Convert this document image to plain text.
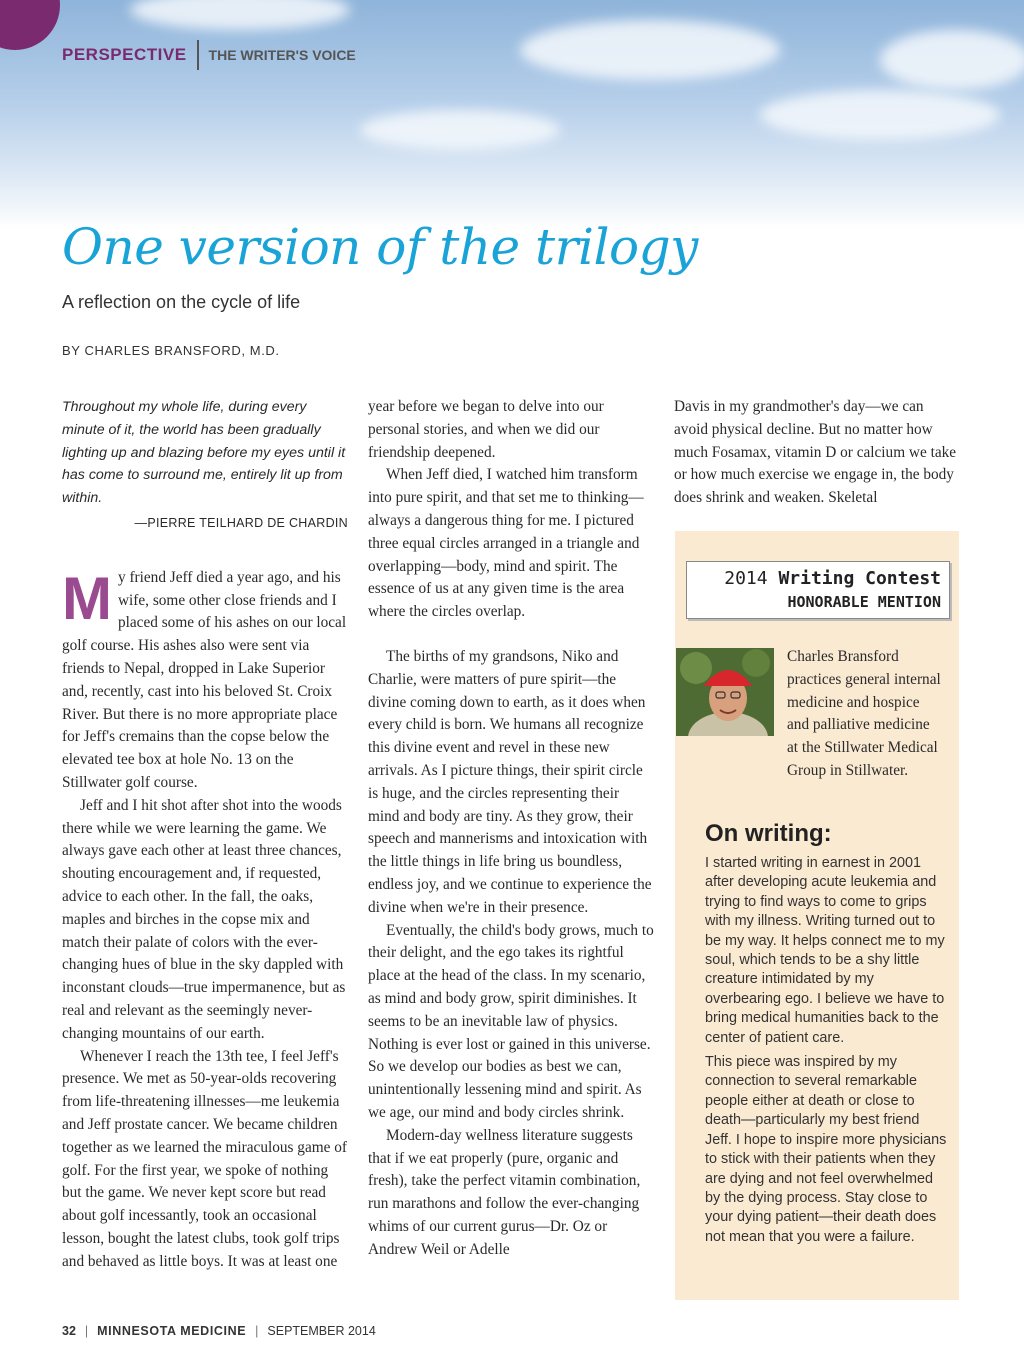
PERSPECTIVE THE WRITER'S VOICE
One version of the trilogy
A reflection on the cycle of life
BY CHARLES BRANSFORD, M.D.
Throughout my whole life, during every minute of it, the world has been gradually lighting up and blazing before my eyes until it has come to surround me, entirely lit up from within.
—PIERRE TEILHARD DE CHARDIN

My friend Jeff died a year ago, and his wife, some other close friends and I placed some of his ashes on our local golf course. His ashes also were sent via friends to Nepal, dropped in Lake Superior and, recently, cast into his beloved St. Croix River. But there is no more appropriate place for Jeff's cremains than the copse below the elevated tee box at hole No. 13 on the Stillwater golf course.

Jeff and I hit shot after shot into the woods there while we were learning the game. We always gave each other at least three chances, shouting encouragement and, if requested, advice to each other. In the fall, the oaks, maples and birches in the copse mix and match their palate of colors with the ever-changing hues of blue in the sky dappled with inconstant clouds—true impermanence, but as real and relevant as the seemingly never-changing mountains of our earth.

Whenever I reach the 13th tee, I feel Jeff's presence. We met as 50-year-olds recovering from life-threatening illnesses—me leukemia and Jeff prostate cancer. We became children together as we learned the miraculous game of golf. For the first year, we spoke of nothing but the game. We never kept score but read about golf incessantly, took an occasional lesson, bought the latest clubs, took golf trips and behaved as little boys. It was at least one

year before we began to delve into our personal stories, and when we did our friendship deepened.

When Jeff died, I watched him transform into pure spirit, and that set me to thinking—always a dangerous thing for me. I pictured three equal circles arranged in a triangle and overlapping—body, mind and spirit. The essence of us at any given time is the area where the circles overlap.

The births of my grandsons, Niko and Charlie, were matters of pure spirit—the divine coming down to earth, as it does when every child is born. We humans all recognize this divine event and revel in these new arrivals. As I picture things, their spirit circle is huge, and the circles representing their mind and body are tiny. As they grow, their speech and mannerisms and intoxication with the little things in life bring us boundless, endless joy, and we continue to experience the divine when we're in their presence.

Eventually, the child's body grows, much to their delight, and the ego takes its rightful place at the head of the class. In my scenario, as mind and body grow, spirit diminishes. It seems to be an inevitable law of physics. Nothing is ever lost or gained in this universe. So we develop our bodies as best we can, unintentionally lessening mind and spirit. As we age, our mind and body circles shrink.

Modern-day wellness literature suggests that if we eat properly (pure, organic and fresh), take the perfect vitamin combination, run marathons and follow the ever-changing whims of our current gurus—Dr. Oz or Andrew Weil or Adelle

Davis in my grandmother's day—we can avoid physical decline. But no matter how much Fosamax, vitamin D or calcium we take or how much exercise we engage in, the body does shrink and weaken. Skeletal

2014 Writing Contest
HONORABLE MENTION
Charles Bransford practices general internal medicine and hospice and palliative medicine at the Stillwater Medical Group in Stillwater.
On writing:

I started writing in earnest in 2001 after developing acute leukemia and trying to find ways to come to grips with my illness. Writing turned out to be my way. It helps connect me to my soul, which tends to be a shy little creature intimidated by my overbearing ego. I believe we have to bring medical humanities back to the center of patient care.

This piece was inspired by my connection to several remarkable people either at death or close to death—particularly my best friend Jeff. I hope to inspire more physicians to stick with their patients when they are dying and not feel overwhelmed by the dying process. Stay close to your dying patient—their death does not mean that you were a failure.

32 | MINNESOTA MEDICINE | SEPTEMBER 2014
